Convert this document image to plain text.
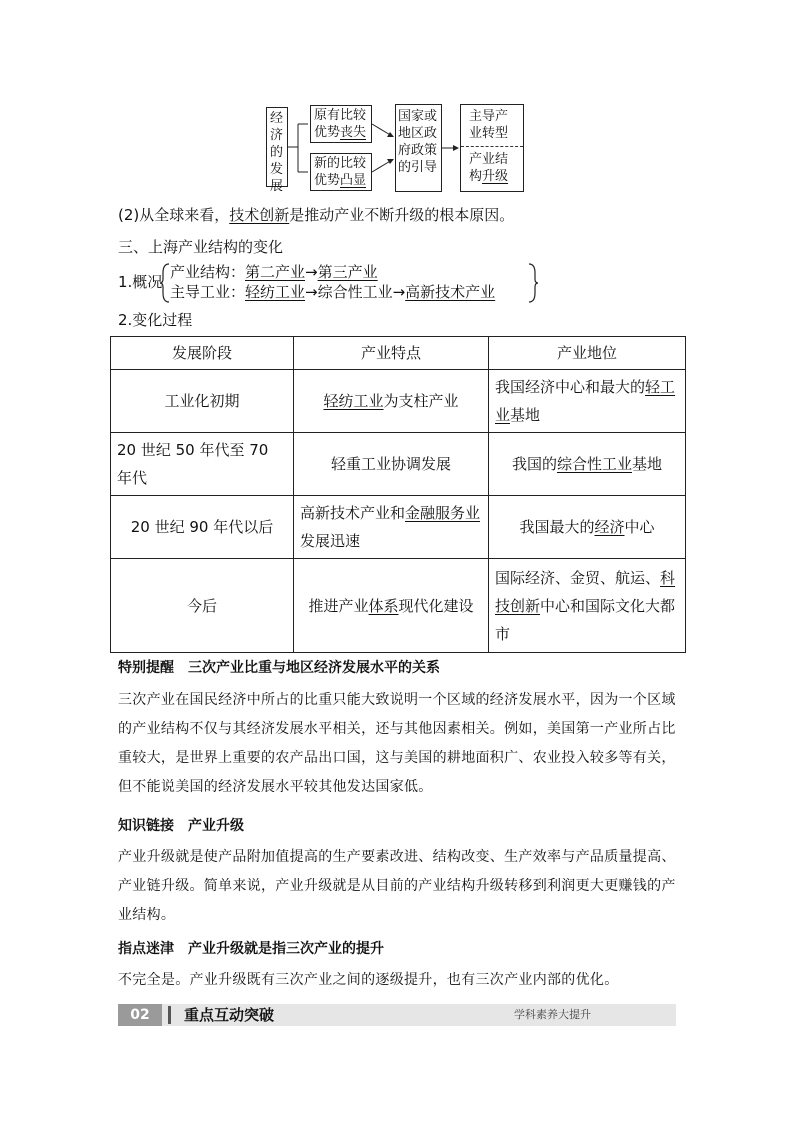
经济的发展
原有比较优势丧失
新的比较优势凸显
国家或地区政府政策的引导
主导产业转型
产业结构升级
(2)从全球来看，技术创新是推动产业不断升级的根本原因。
三、上海产业结构的变化
1.概况
产业结构：第二产业→第三产业
主导工业：轻纺工业→综合性工业→高新技术产业
2.变化过程
发展阶段	产业特点	产业地位
工业化初期	轻纺工业为支柱产业	我国经济中心和最大的轻工业基地
20 世纪 50 年代至 70 年代	轻重工业协调发展	我国的综合性工业基地
20 世纪 90 年代以后	高新技术产业和金融服务业发展迅速	我国最大的经济中心
今后	推进产业体系现代化建设	国际经济、金贸、航运、科技创新中心和国际文化大都市
特别提醒　三次产业比重与地区经济发展水平的关系
三次产业在国民经济中所占的比重只能大致说明一个区域的经济发展水平，因为一个区域的产业结构不仅与其经济发展水平相关，还与其他因素相关。例如，美国第一产业所占比重较大，是世界上重要的农产品出口国，这与美国的耕地面积广、农业投入较多等有关，但不能说美国的经济发展水平较其他发达国家低。
知识链接　产业升级
产业升级就是使产品附加值提高的生产要素改进、结构改变、生产效率与产品质量提高、产业链升级。简单来说，产业升级就是从目前的产业结构升级转移到利润更大更赚钱的产业结构。
指点迷津　产业升级就是指三次产业的提升
不完全是。产业升级既有三次产业之间的逐级提升，也有三次产业内部的优化。
02	重点互动突破	学科素养大提升
